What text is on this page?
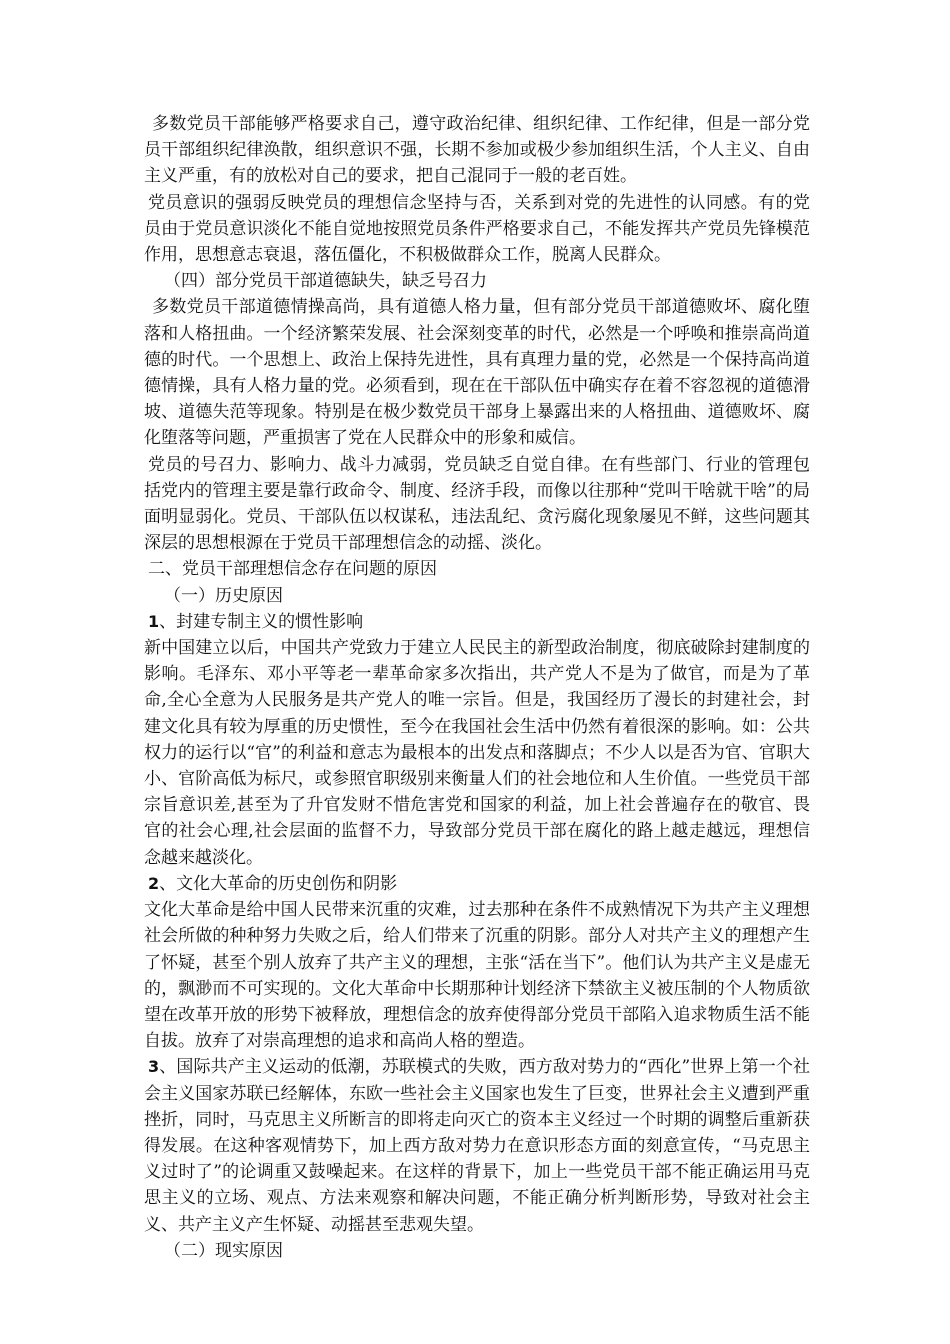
多数党员干部能够严格要求自己，遵守政治纪律、组织纪律、工作纪律，但是一部分党员干部组织纪律涣散，组织意识不强，长期不参加或极少参加组织生活，个人主义、自由主义严重，有的放松对自己的要求，把自己混同于一般的老百姓。

党员意识的强弱反映党员的理想信念坚持与否，关系到对党的先进性的认同感。有的党员由于党员意识淡化不能自觉地按照党员条件严格要求自己，不能发挥共产党员先锋模范作用，思想意志衰退，落伍僵化，不积极做群众工作，脱离人民群众。

（四）部分党员干部道德缺失，缺乏号召力

多数党员干部道德情操高尚，具有道德人格力量，但有部分党员干部道德败坏、腐化堕落和人格扭曲。一个经济繁荣发展、社会深刻变革的时代，必然是一个呼唤和推崇高尚道德的时代。一个思想上、政治上保持先进性，具有真理力量的党，必然是一个保持高尚道德情操，具有人格力量的党。必须看到，现在在干部队伍中确实存在着不容忽视的道德滑坡、道德失范等现象。特别是在极少数党员干部身上暴露出来的人格扭曲、道德败坏、腐化堕落等问题，严重损害了党在人民群众中的形象和威信。

党员的号召力、影响力、战斗力减弱，党员缺乏自觉自律。在有些部门、行业的管理包括党内的管理主要是靠行政命令、制度、经济手段，而像以往那种“党叫干啥就干啥”的局面明显弱化。党员、干部队伍以权谋私，违法乱纪、贪污腐化现象屡见不鲜，这些问题其深层的思想根源在于党员干部理想信念的动摇、淡化。

二、党员干部理想信念存在问题的原因

（一）历史原因

1、封建专制主义的惯性影响

新中国建立以后，中国共产党致力于建立人民民主的新型政治制度，彻底破除封建制度的影响。毛泽东、邓小平等老一辈革命家多次指出，共产党人不是为了做官，而是为了革命,全心全意为人民服务是共产党人的唯一宗旨。但是，我国经历了漫长的封建社会，封建文化具有较为厚重的历史惯性，至今在我国社会生活中仍然有着很深的影响。如：公共权力的运行以“官”的利益和意志为最根本的出发点和落脚点；不少人以是否为官、官职大小、官阶高低为标尺，或参照官职级别来衡量人们的社会地位和人生价值。一些党员干部宗旨意识差,甚至为了升官发财不惜危害党和国家的利益，加上社会普遍存在的敬官、畏官的社会心理,社会层面的监督不力，导致部分党员干部在腐化的路上越走越远，理想信念越来越淡化。

2、文化大革命的历史创伤和阴影

文化大革命是给中国人民带来沉重的灾难，过去那种在条件不成熟情况下为共产主义理想社会所做的种种努力失败之后，给人们带来了沉重的阴影。部分人对共产主义的理想产生了怀疑，甚至个别人放弃了共产主义的理想，主张“活在当下”。他们认为共产主义是虚无的，飘渺而不可实现的。文化大革命中长期那种计划经济下禁欲主义被压制的个人物质欲望在改革开放的形势下被释放，理想信念的放弃使得部分党员干部陷入追求物质生活不能自拔。放弃了对崇高理想的追求和高尚人格的塑造。

3、国际共产主义运动的低潮，苏联模式的失败，西方敌对势力的“西化”世界上第一个社会主义国家苏联已经解体，东欧一些社会主义国家也发生了巨变，世界社会主义遭到严重挫折，同时，马克思主义所断言的即将走向灭亡的资本主义经过一个时期的调整后重新获得发展。在这种客观情势下，加上西方敌对势力在意识形态方面的刻意宣传，“马克思主义过时了”的论调重又鼓噪起来。在这样的背景下，加上一些党员干部不能正确运用马克思主义的立场、观点、方法来观察和解决问题，不能正确分析判断形势，导致对社会主义、共产主义产生怀疑、动摇甚至悲观失望。

（二）现实原因
